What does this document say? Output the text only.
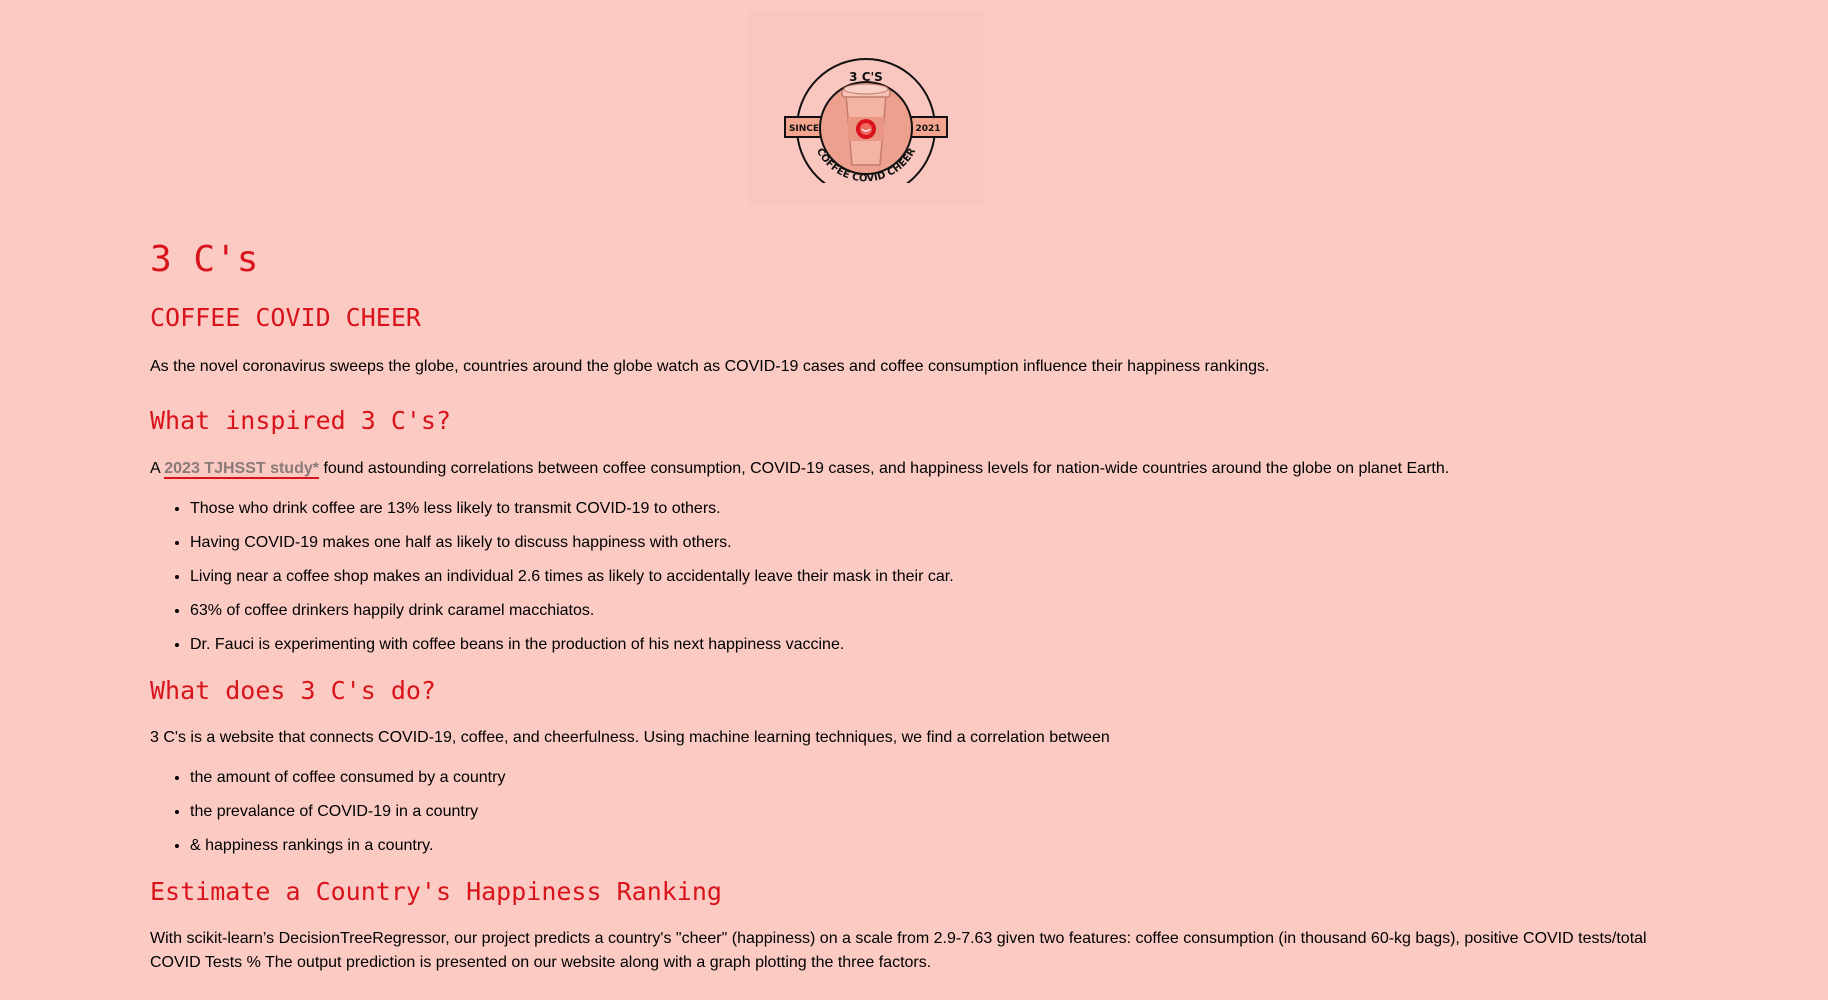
3 C'S
SINCE	2021
COFFEE COVID CHEER
3 C's
COFFEE COVID CHEER

As the novel coronavirus sweeps the globe, countries around the globe watch as COVID-19 cases and coffee consumption influence their happiness rankings.

What inspired 3 C's?

A 2023 TJHSST study* found astounding correlations between coffee consumption, COVID-19 cases, and happiness levels for nation-wide countries around the globe on planet Earth.

• Those who drink coffee are 13% less likely to transmit COVID-19 to others.
• Having COVID-19 makes one half as likely to discuss happiness with others.
• Living near a coffee shop makes an individual 2.6 times as likely to accidentally leave their mask in their car.
• 63% of coffee drinkers happily drink caramel macchiatos.
• Dr. Fauci is experimenting with coffee beans in the production of his next happiness vaccine.
What does 3 C's do?

3 C's is a website that connects COVID-19, coffee, and cheerfulness. Using machine learning techniques, we find a correlation between

• the amount of coffee consumed by a country
• the prevalance of COVID-19 in a country
• & happiness rankings in a country.
Estimate a Country's Happiness Ranking

With scikit-learn’s DecisionTreeRegressor, our project predicts a country's "cheer" (happiness) on a scale from 2.9-7.63 given two features: coffee consumption (in thousand 60-kg bags), positive COVID tests/total COVID Tests % The output prediction is presented on our website along with a graph plotting the three factors.
